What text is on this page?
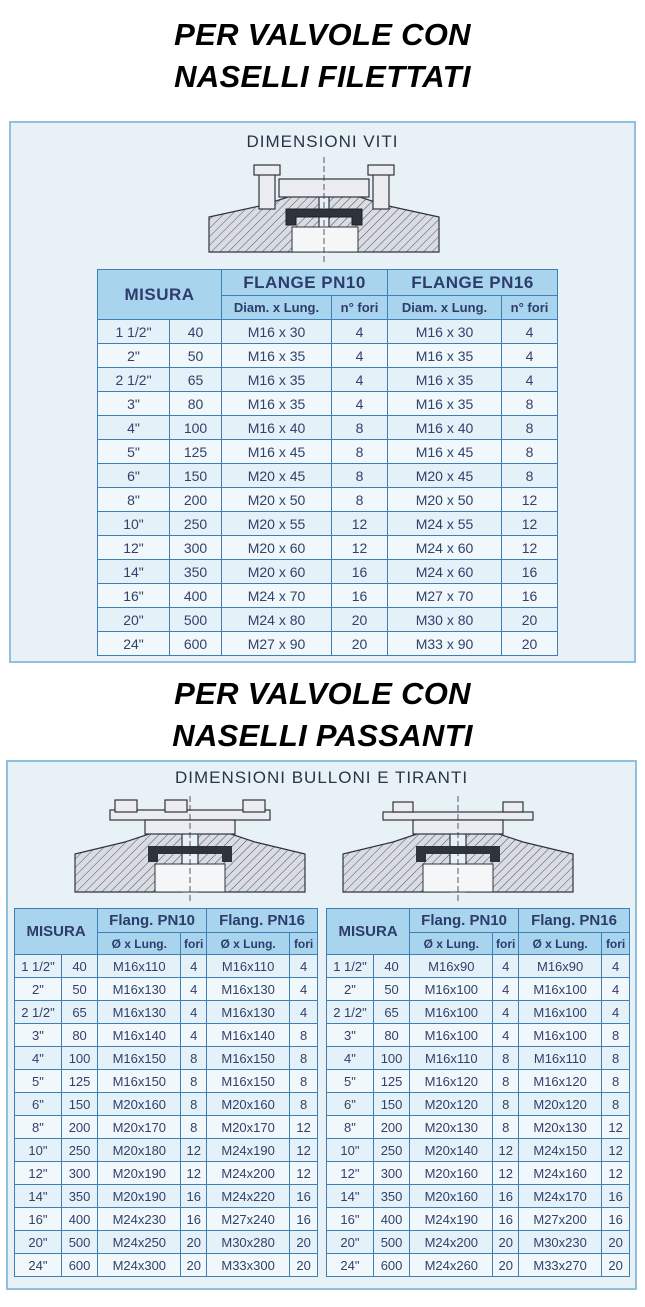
PER VALVOLE CON
NASELLI FILETTATI
DIMENSIONI VITI
MISURA		FLANGE PN10		FLANGE PN16	
		Diam. x Lung.	n° fori	Diam. x Lung.	n° fori
1 1/2"	40	M16 x 30	4	M16 x 30	4
2"	50	M16 x 35	4	M16 x 35	4
2 1/2"	65	M16 x 35	4	M16 x 35	4
3"	80	M16 x 35	4	M16 x 35	8
4"	100	M16 x 40	8	M16 x 40	8
5"	125	M16 x 45	8	M16 x 45	8
6"	150	M20 x 45	8	M20 x 45	8
8"	200	M20 x 50	8	M20 x 50	12
10"	250	M20 x 55	12	M24 x 55	12
12"	300	M20 x 60	12	M24 x 60	12
14"	350	M20 x 60	16	M24 x 60	16
16"	400	M24 x 70	16	M27 x 70	16
20"	500	M24 x 80	20	M30 x 80	20
24"	600	M27 x 90	20	M33 x 90	20
PER VALVOLE CON
NASELLI PASSANTI
DIMENSIONI BULLONI E TIRANTI
MISURA		Flang. PN10		Flang. PN16	
		Ø x Lung.	fori	Ø x Lung.	fori
1 1/2"	40	M16x110	4	M16x110	4
2"	50	M16x130	4	M16x130	4
2 1/2"	65	M16x130	4	M16x130	4
3"	80	M16x140	4	M16x140	8
4"	100	M16x150	8	M16x150	8
5"	125	M16x150	8	M16x150	8
6"	150	M20x160	8	M20x160	8
8"	200	M20x170	8	M20x170	12
10"	250	M20x180	12	M24x190	12
12"	300	M20x190	12	M24x200	12
14"	350	M20x190	16	M24x220	16
16"	400	M24x230	16	M27x240	16
20"	500	M24x250	20	M30x280	20
24"	600	M24x300	20	M33x300	20
MISURA		Flang. PN10		Flang. PN16	
		Ø x Lung.	fori	Ø x Lung.	fori
1 1/2"	40	M16x90	4	M16x90	4
2"	50	M16x100	4	M16x100	4
2 1/2"	65	M16x100	4	M16x100	4
3"	80	M16x100	4	M16x100	8
4"	100	M16x110	8	M16x110	8
5"	125	M16x120	8	M16x120	8
6"	150	M20x120	8	M20x120	8
8"	200	M20x130	8	M20x130	12
10"	250	M20x140	12	M24x150	12
12"	300	M20x160	12	M24x160	12
14"	350	M20x160	16	M24x170	16
16"	400	M24x190	16	M27x200	16
20"	500	M24x200	20	M30x230	20
24"	600	M24x260	20	M33x270	20
